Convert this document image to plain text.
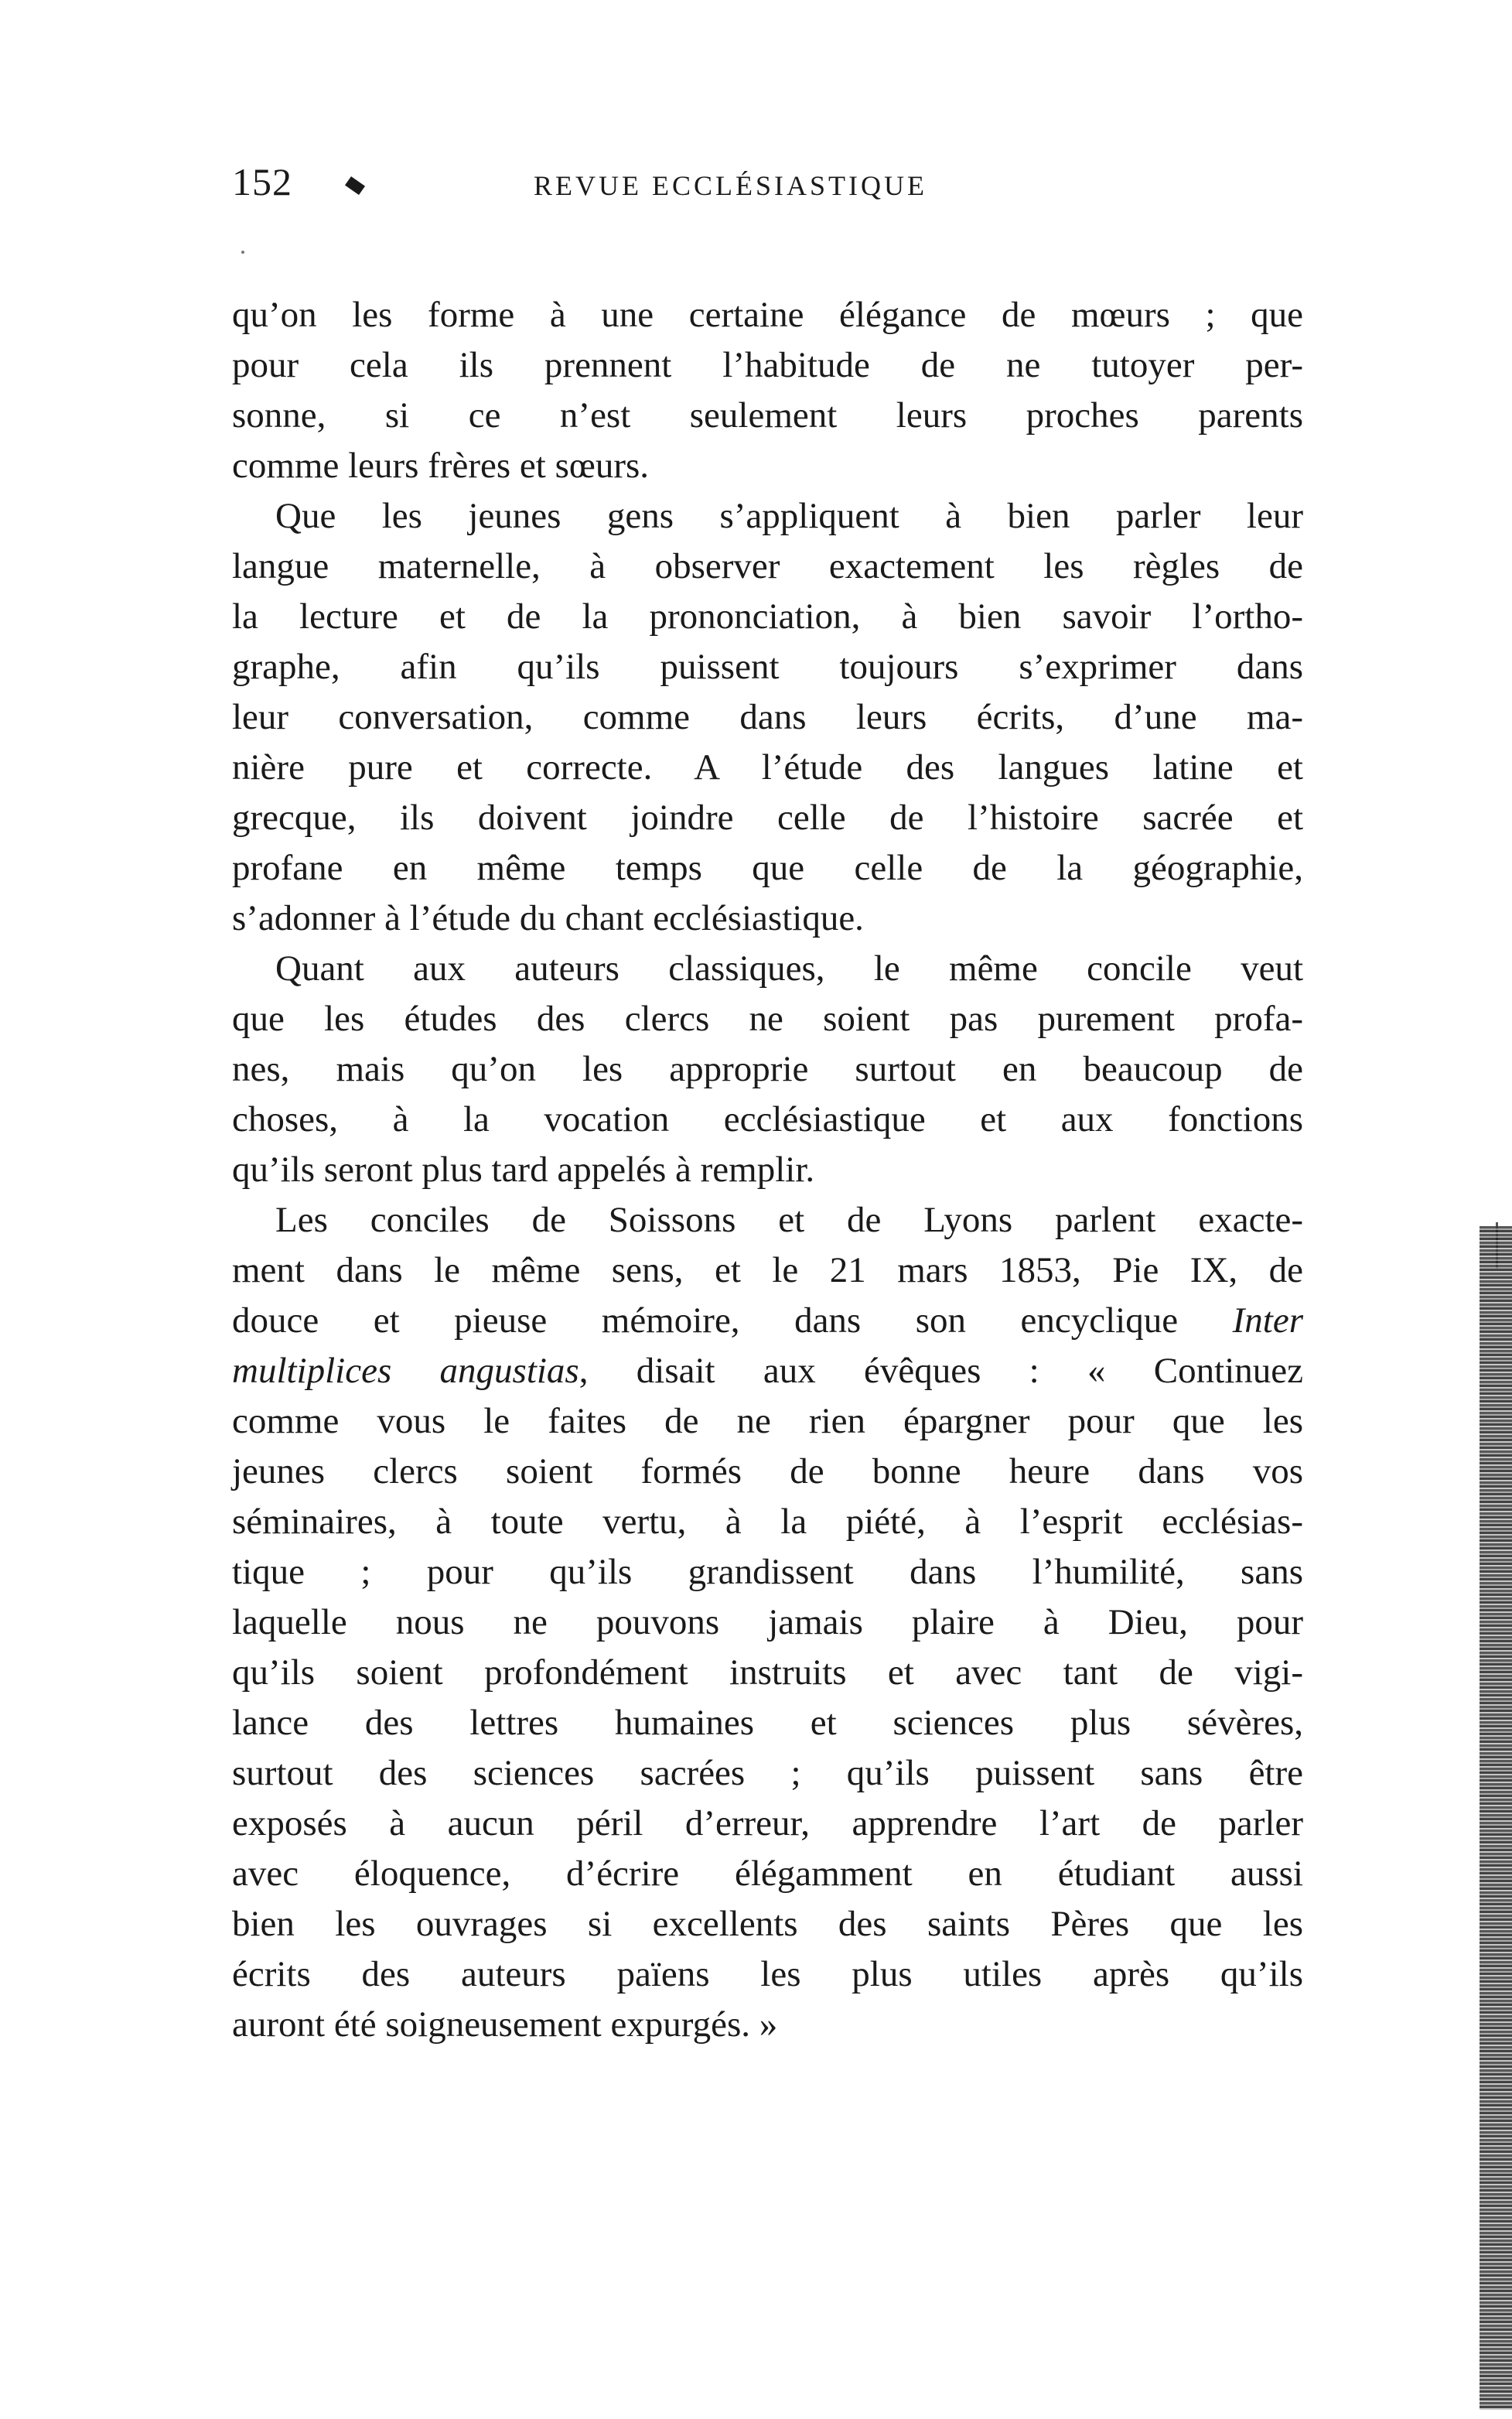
152	REVUE ECCLÉSIASTIQUE
qu’on les forme à une certaine élégance de mœurs ; que
pour cela ils prennent l’habitude de ne tutoyer per-
sonne, si ce n’est seulement leurs proches parents
comme leurs frères et sœurs.
Que les jeunes gens s’appliquent à bien parler leur
langue maternelle, à observer exactement les règles de
la lecture et de la prononciation, à bien savoir l’ortho-
graphe, afin qu’ils puissent toujours s’exprimer dans
leur conversation, comme dans leurs écrits, d’une ma-
nière pure et correcte. A l’étude des langues latine et
grecque, ils doivent joindre celle de l’histoire sacrée et
profane en même temps que celle de la géographie,
s’adonner à l’étude du chant ecclésiastique.
Quant aux auteurs classiques, le même concile veut
que les études des clercs ne soient pas purement profa-
nes, mais qu’on les approprie surtout en beaucoup de
choses, à la vocation ecclésiastique et aux fonctions
qu’ils seront plus tard appelés à remplir.
Les conciles de Soissons et de Lyons parlent exacte-
ment dans le même sens, et le 21 mars 1853, Pie IX, de
douce et pieuse mémoire, dans son encyclique Inter
multiplices angustias, disait aux évêques : « Continuez
comme vous le faites de ne rien épargner pour que les
jeunes clercs soient formés de bonne heure dans vos
séminaires, à toute vertu, à la piété, à l’esprit ecclésias-
tique ; pour qu’ils grandissent dans l’humilité, sans
laquelle nous ne pouvons jamais plaire à Dieu, pour
qu’ils soient profondément instruits et avec tant de vigi-
lance des lettres humaines et sciences plus sévères,
surtout des sciences sacrées ; qu’ils puissent sans être
exposés à aucun péril d’erreur, apprendre l’art de parler
avec éloquence, d’écrire élégamment en étudiant aussi
bien les ouvrages si excellents des saints Pères que les
écrits des auteurs païens les plus utiles après qu’ils
auront été soigneusement expurgés. »
